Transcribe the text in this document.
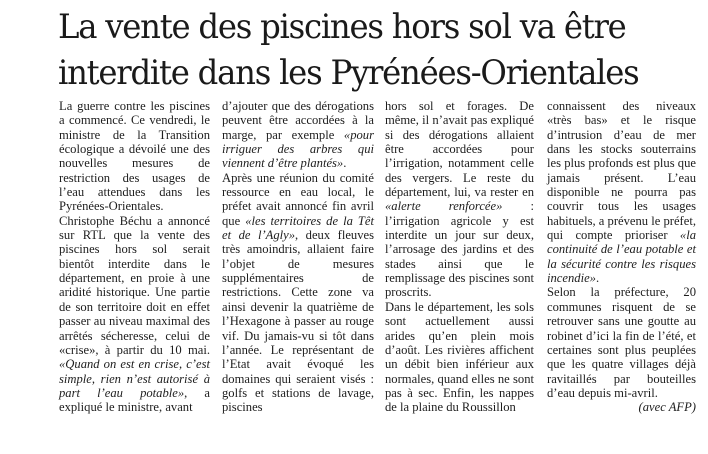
La vente des piscines hors sol va être
interdite dans les Pyrénées-Orientales

La guerre contre les piscines a commencé. Ce vendredi, le ministre de la Transition écologique a dévoilé une des nouvelles mesures de restriction des usages de l’eau attendues dans les Pyrénées-Orientales. Christophe Béchu a annoncé sur RTL que la vente des piscines hors sol serait bientôt interdite dans le département, en proie à une aridité historique. Une partie de son territoire doit en effet passer au niveau maximal des arrêtés sécheresse, celui de «crise», à partir du 10 mai. «Quand on est en crise, c’est simple, rien n’est autorisé à part l’eau potable», a expliqué le ministre, avant

d’ajouter que des dérogations peuvent être accordées à la marge, par exemple «pour irriguer des arbres qui viennent d’être plantés».

Après une réunion du comité ressource en eau local, le préfet avait annoncé fin avril que «les territoires de la Têt et de l’Agly», deux fleuves très amoindris, allaient faire l’objet de mesures supplémentaires de restrictions. Cette zone va ainsi devenir la quatrième de l’Hexagone à passer au rouge vif. Du jamais-vu si tôt dans l’année. Le représentant de l’Etat avait évoqué les domaines qui seraient visés : golfs et stations de lavage, piscines

hors sol et forages. De même, il n’avait pas expliqué si des dérogations allaient être accordées pour l’irrigation, notamment celle des vergers. Le reste du département, lui, va rester en «alerte renforcée» : l’irrigation agricole y est interdite un jour sur deux, l’arrosage des jardins et des stades ainsi que le remplissage des piscines sont proscrits.

Dans le département, les sols sont actuellement aussi arides qu’en plein mois d’août. Les rivières affichent un débit bien inférieur aux normales, quand elles ne sont pas à sec. Enfin, les nappes de la plaine du Roussillon

connaissent des niveaux «très bas» et le risque d’intrusion d’eau de mer dans les stocks souterrains les plus profonds est plus que jamais présent. L’eau disponible ne pourra pas couvrir tous les usages habituels, a prévenu le préfet, qui compte prioriser «la continuité de l’eau potable et la sécurité contre les risques incendie».

Selon la préfecture, 20 communes risquent de se retrouver sans une goutte au robinet d’ici la fin de l’été, et certaines sont plus peuplées que les quatre villages déjà ravitaillés par bouteilles d’eau depuis mi-avril.

(avec AFP)
